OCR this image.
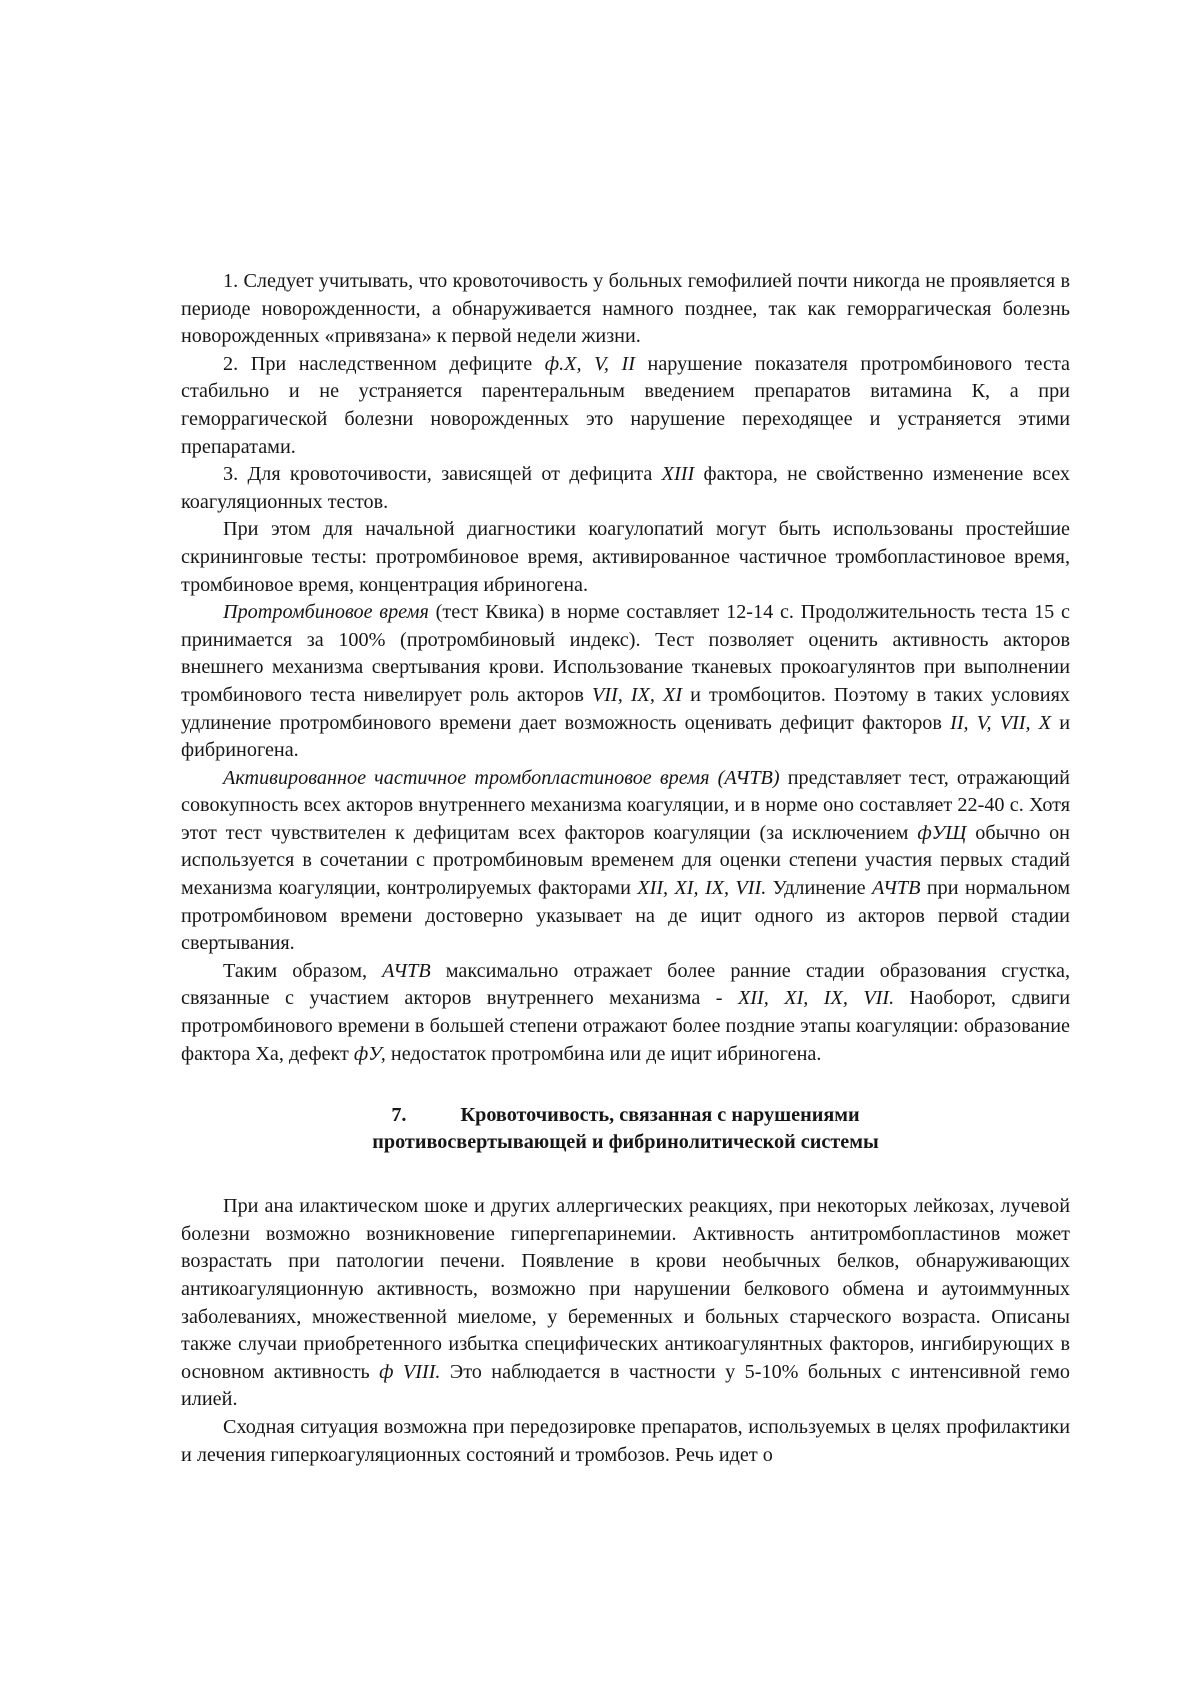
1. Следует учитывать, что кровоточивость у больных гемофилией почти никогда не проявляется в периоде новорожденности, а обнаруживается намного позднее, так как геморрагическая болезнь новорожденных «привязана» к первой недели жизни.

2. При наследственном дефиците ф.X, V, II нарушение показателя протромбинового теста стабильно и не устраняется парентеральным введением препаратов витамина К, а при геморрагической болезни новорожденных это нарушение переходящее и устраняется этими препаратами.

3. Для кровоточивости, зависящей от дефицита XIII фактора, не свойственно изменение всех коагуляционных тестов.

При этом для начальной диагностики коагулопатий могут быть использованы простейшие скрининговые тесты: протромбиновое время, активированное частичное тромбопластиновое время, тромбиновое время, концентрация ибриногена.

Протромбиновое время (тест Квика) в норме составляет 12-14 с. Продолжительность теста 15 с принимается за 100% (протромбиновый индекс). Тест позволяет оценить активность акторов внешнего механизма свертывания крови. Использование тканевых прокоагулянтов при выполнении тромбинового теста нивелирует роль акторов VII, IX, XI и тромбоцитов. Поэтому в таких условиях удлинение протромбинового времени дает возможность оценивать дефицит факторов II, V, VII, X и фибриногена.

Активированное частичное тромбопластиновое время (АЧТВ) представляет тест, отражающий совокупность всех акторов внутреннего механизма коагуляции, и в норме оно составляет 22-40 с. Хотя этот тест чувствителен к дефицитам всех факторов коагуляции (за исключением фУЩ обычно он используется в сочетании с протромбиновым временем для оценки степени участия первых стадий механизма коагуляции, контролируемых факторами XII, XI, IX, VII. Удлинение АЧТВ при нормальном протромбиновом времени достоверно указывает на де ицит одного из акторов первой стадии свертывания.

Таким образом, АЧТВ максимально отражает более ранние стадии образования сгустка, связанные с участием акторов внутреннего механизма - XII, XI, IX, VII. Наоборот, сдвиги протромбинового времени в большей степени отражают более поздние этапы коагуляции: образование фактора Ха, дефект фУ, недостаток протромбина или де ицит ибриногена.

7.	Кровоточивость, связанная с нарушениями
противосвертывающей и фибринолитической системы

При ана илактическом шоке и других аллергических реакциях, при некоторых лейкозах, лучевой болезни возможно возникновение гипергепаринемии. Активность антитромбопластинов может возрастать при патологии печени. Появление в крови необычных белков, обнаруживающих антикоагуляционную активность, возможно при нарушении белкового обмена и аутоиммунных заболеваниях, множественной миеломе, у беременных и больных старческого возраста. Описаны также случаи приобретенного избытка специфических антикоагулянтных факторов, ингибирующих в основном активность ф VIII. Это наблюдается в частности у 5-10% больных с интенсивной гемо илией.

Сходная ситуация возможна при передозировке препаратов, используемых в целях профилактики и лечения гиперкоагуляционных состояний и тромбозов. Речь идет о
